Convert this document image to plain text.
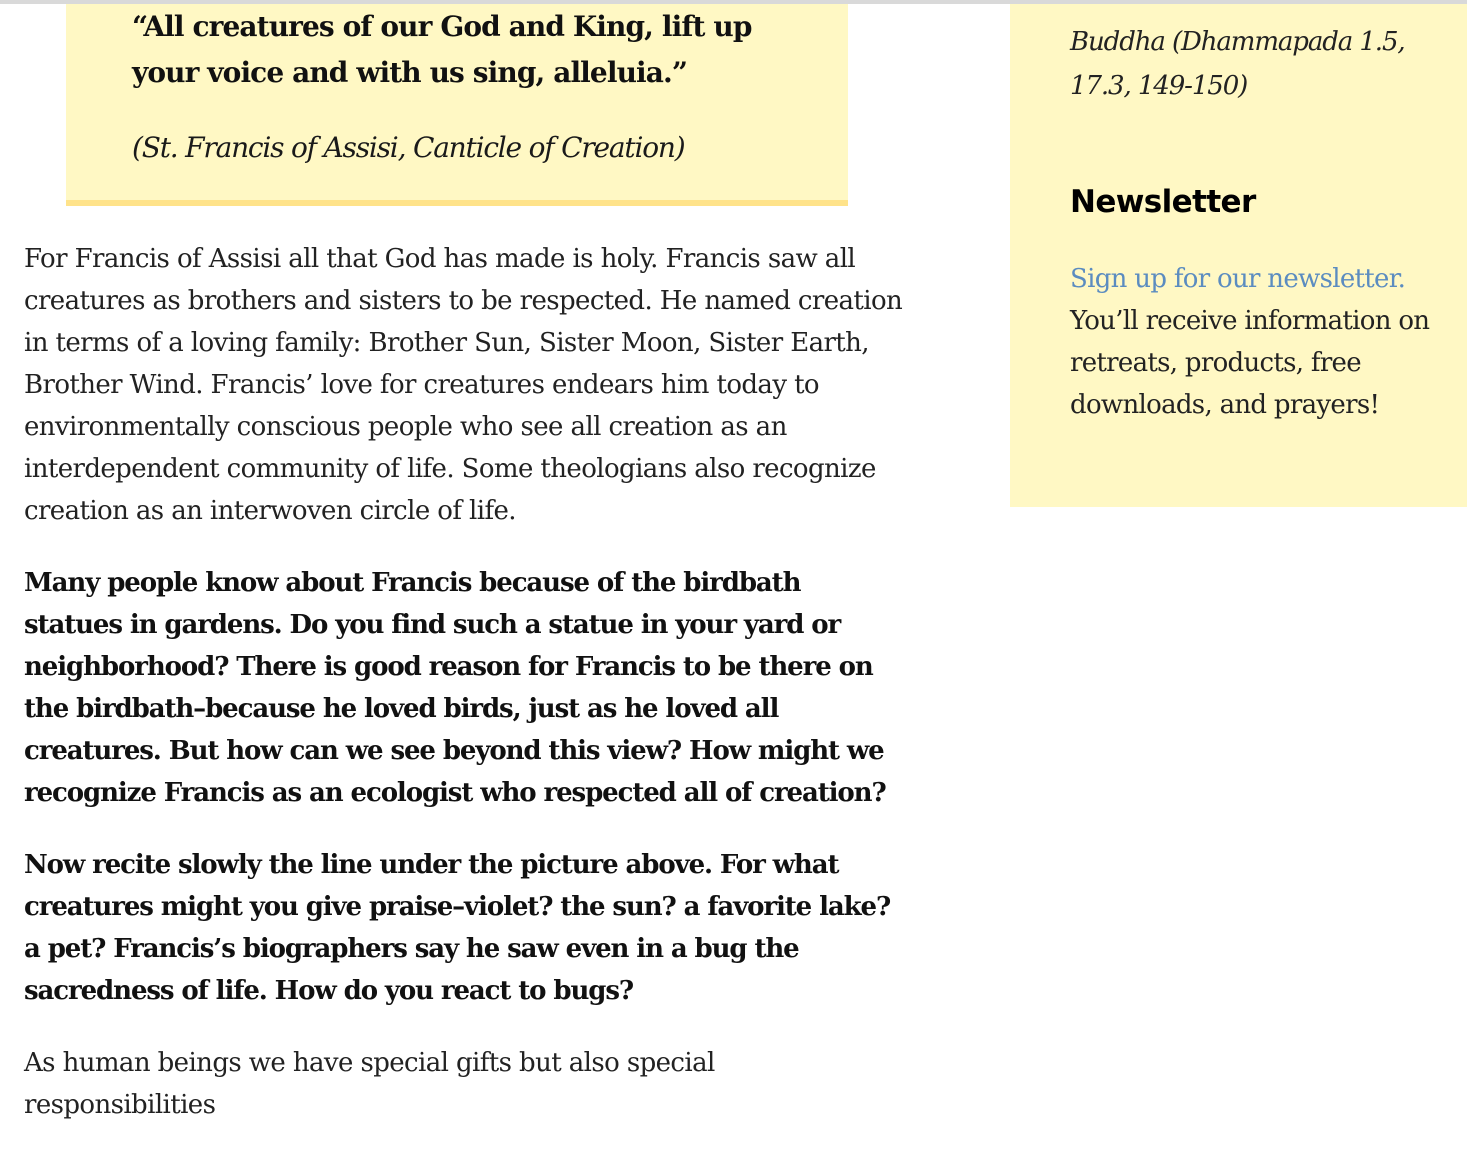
“All creatures of our God and King, lift up your voice and with us sing, alleluia.”

(St. Francis of Assisi, Canticle of Creation)

For Francis of Assisi all that God has made is holy. Francis saw all creatures as brothers and sisters to be respected. He named creation in terms of a loving family: Brother Sun, Sister Moon, Sister Earth, Brother Wind. Francis’ love for creatures endears him today to environmentally conscious people who see all creation as an interdependent community of life. Some theologians also recognize creation as an interwoven circle of life.

Many people know about Francis because of the birdbath statues in gardens. Do you find such a statue in your yard or neighborhood? There is good reason for Francis to be there on the birdbath–because he loved birds, just as he loved all creatures. But how can we see beyond this view? How might we recognize Francis as an ecologist who respected all of creation?

Now recite slowly the line under the picture above. For what creatures might you give praise–violet? the sun? a favorite lake? a pet? Francis’s biographers say he saw even in a bug the sacredness of life. How do you react to bugs?

As human beings we have special gifts but also special responsibilities

Buddha (Dhammapada 1.5, 17.3, 149-150)

Newsletter

Sign up for our newsletter. You’ll receive information on retreats, products, free downloads, and prayers!
